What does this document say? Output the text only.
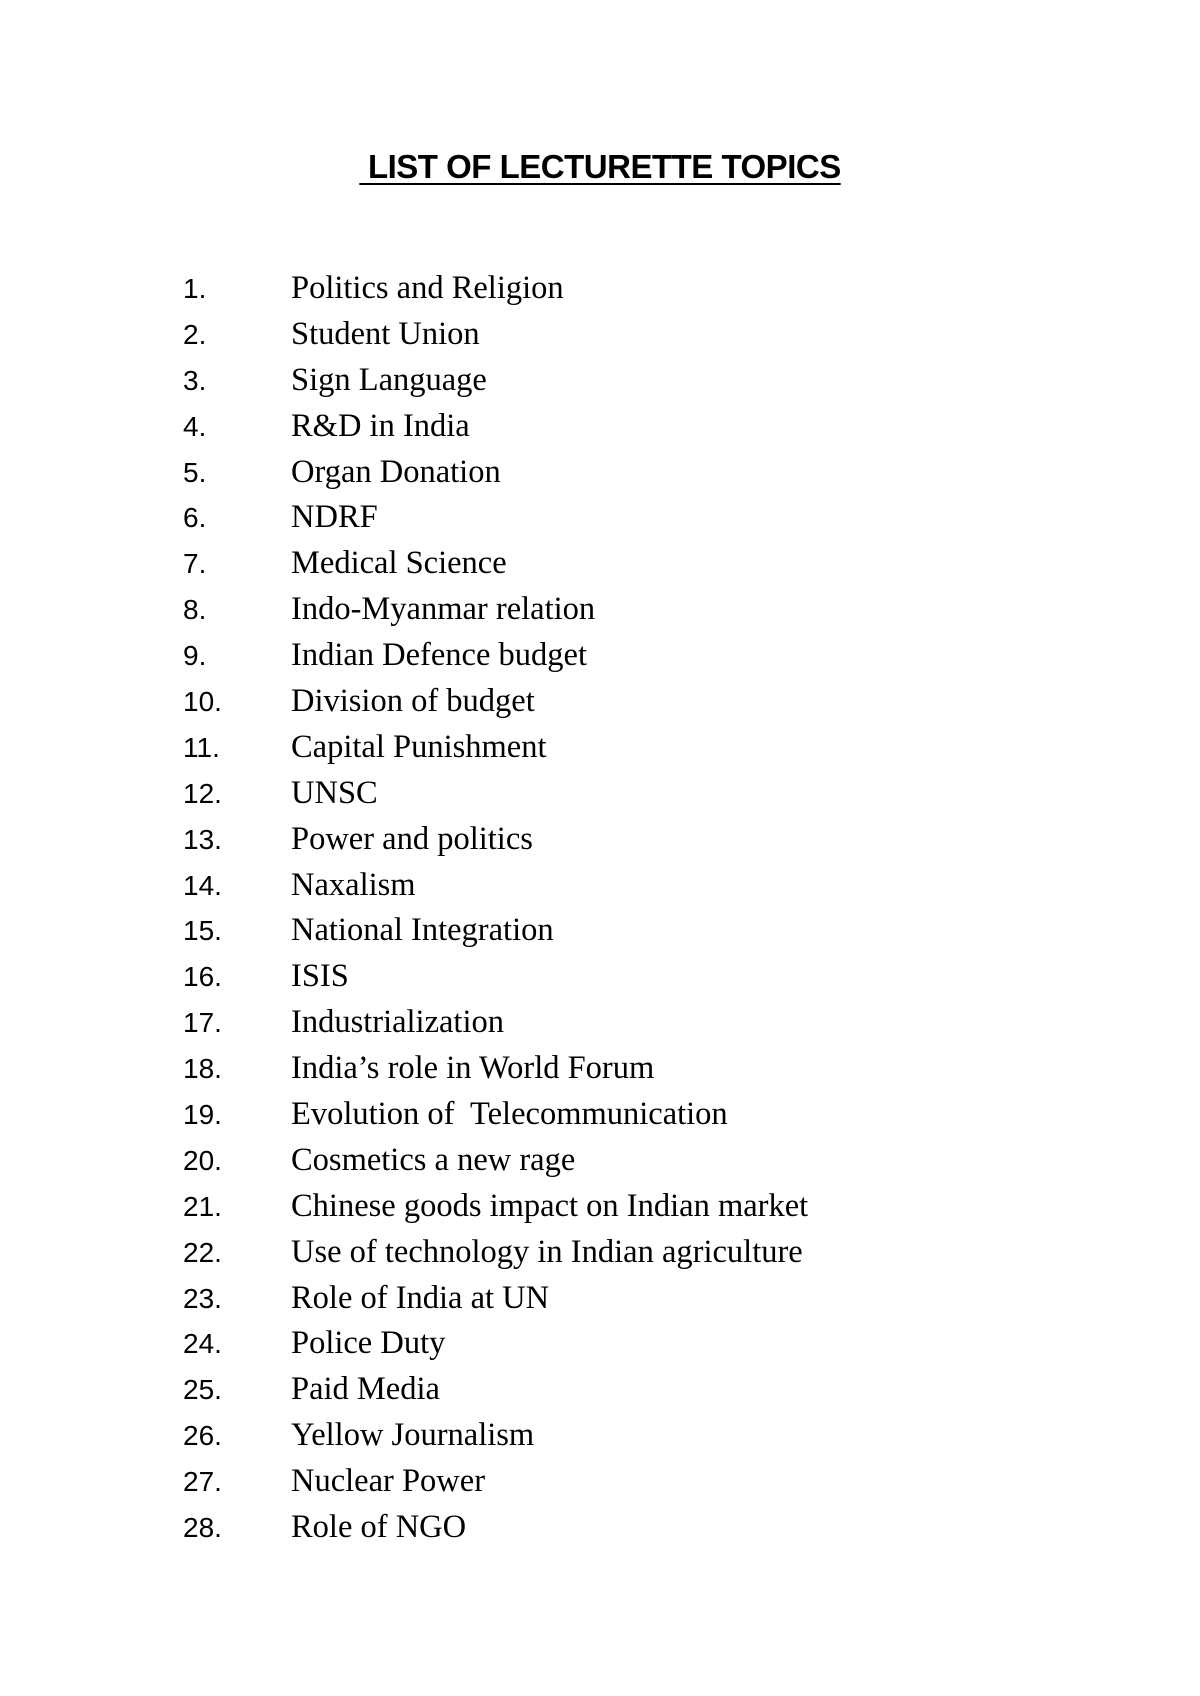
LIST OF LECTURETTE TOPICS
1.	Politics and Religion
2.	Student Union
3.	Sign Language
4.	R&D in India
5.	Organ Donation
6.	NDRF
7.	Medical Science
8.	Indo-Myanmar relation
9.	Indian Defence budget
10.	Division of budget
11.	Capital Punishment
12.	UNSC
13.	Power and politics
14.	Naxalism
15.	National Integration
16.	ISIS
17.	Industrialization
18.	India’s role in World Forum
19.	Evolution of  Telecommunication
20.	Cosmetics a new rage
21.	Chinese goods impact on Indian market
22.	Use of technology in Indian agriculture
23.	Role of India at UN
24.	Police Duty
25.	Paid Media
26.	Yellow Journalism
27.	Nuclear Power
28.	Role of NGO
